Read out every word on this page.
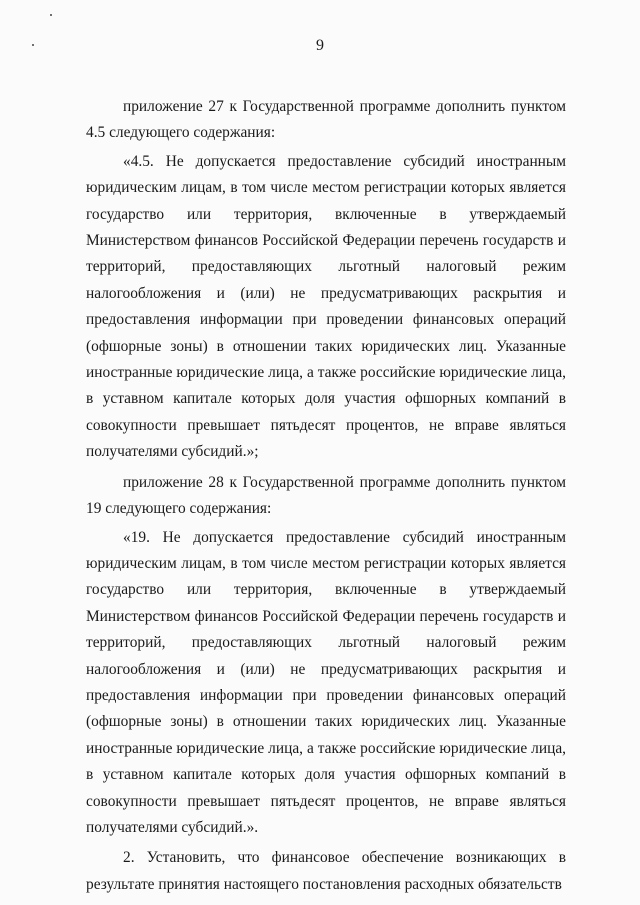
9

приложение 27 к Государственной программе дополнить пунктом 4.5 следующего содержания:

«4.5. Не допускается предоставление субсидий иностранным юридическим лицам, в том числе местом регистрации которых является государство или территория, включенные в утверждаемый Министерством финансов Российской Федерации перечень государств и территорий, предоставляющих льготный налоговый режим налогообложения и (или) не предусматривающих раскрытия и предоставления информации при проведении финансовых операций (офшорные зоны) в отношении таких юридических лиц. Указанные иностранные юридические лица, а также российские юридические лица, в уставном капитале которых доля участия офшорных компаний в совокупности превышает пятьдесят процентов, не вправе являться получателями субсидий.»;

приложение 28 к Государственной программе дополнить пунктом 19 следующего содержания:

«19. Не допускается предоставление субсидий иностранным юридическим лицам, в том числе местом регистрации которых является государство или территория, включенные в утверждаемый Министерством финансов Российской Федерации перечень государств и территорий, предоставляющих льготный налоговый режим налогообложения и (или) не предусматривающих раскрытия и предоставления информации при проведении финансовых операций (офшорные зоны) в отношении таких юридических лиц. Указанные иностранные юридические лица, а также российские юридические лица, в уставном капитале которых доля участия офшорных компаний в совокупности превышает пятьдесят процентов, не вправе являться получателями субсидий.».

2. Установить, что финансовое обеспечение возникающих в результате принятия настоящего постановления расходных обязательств
